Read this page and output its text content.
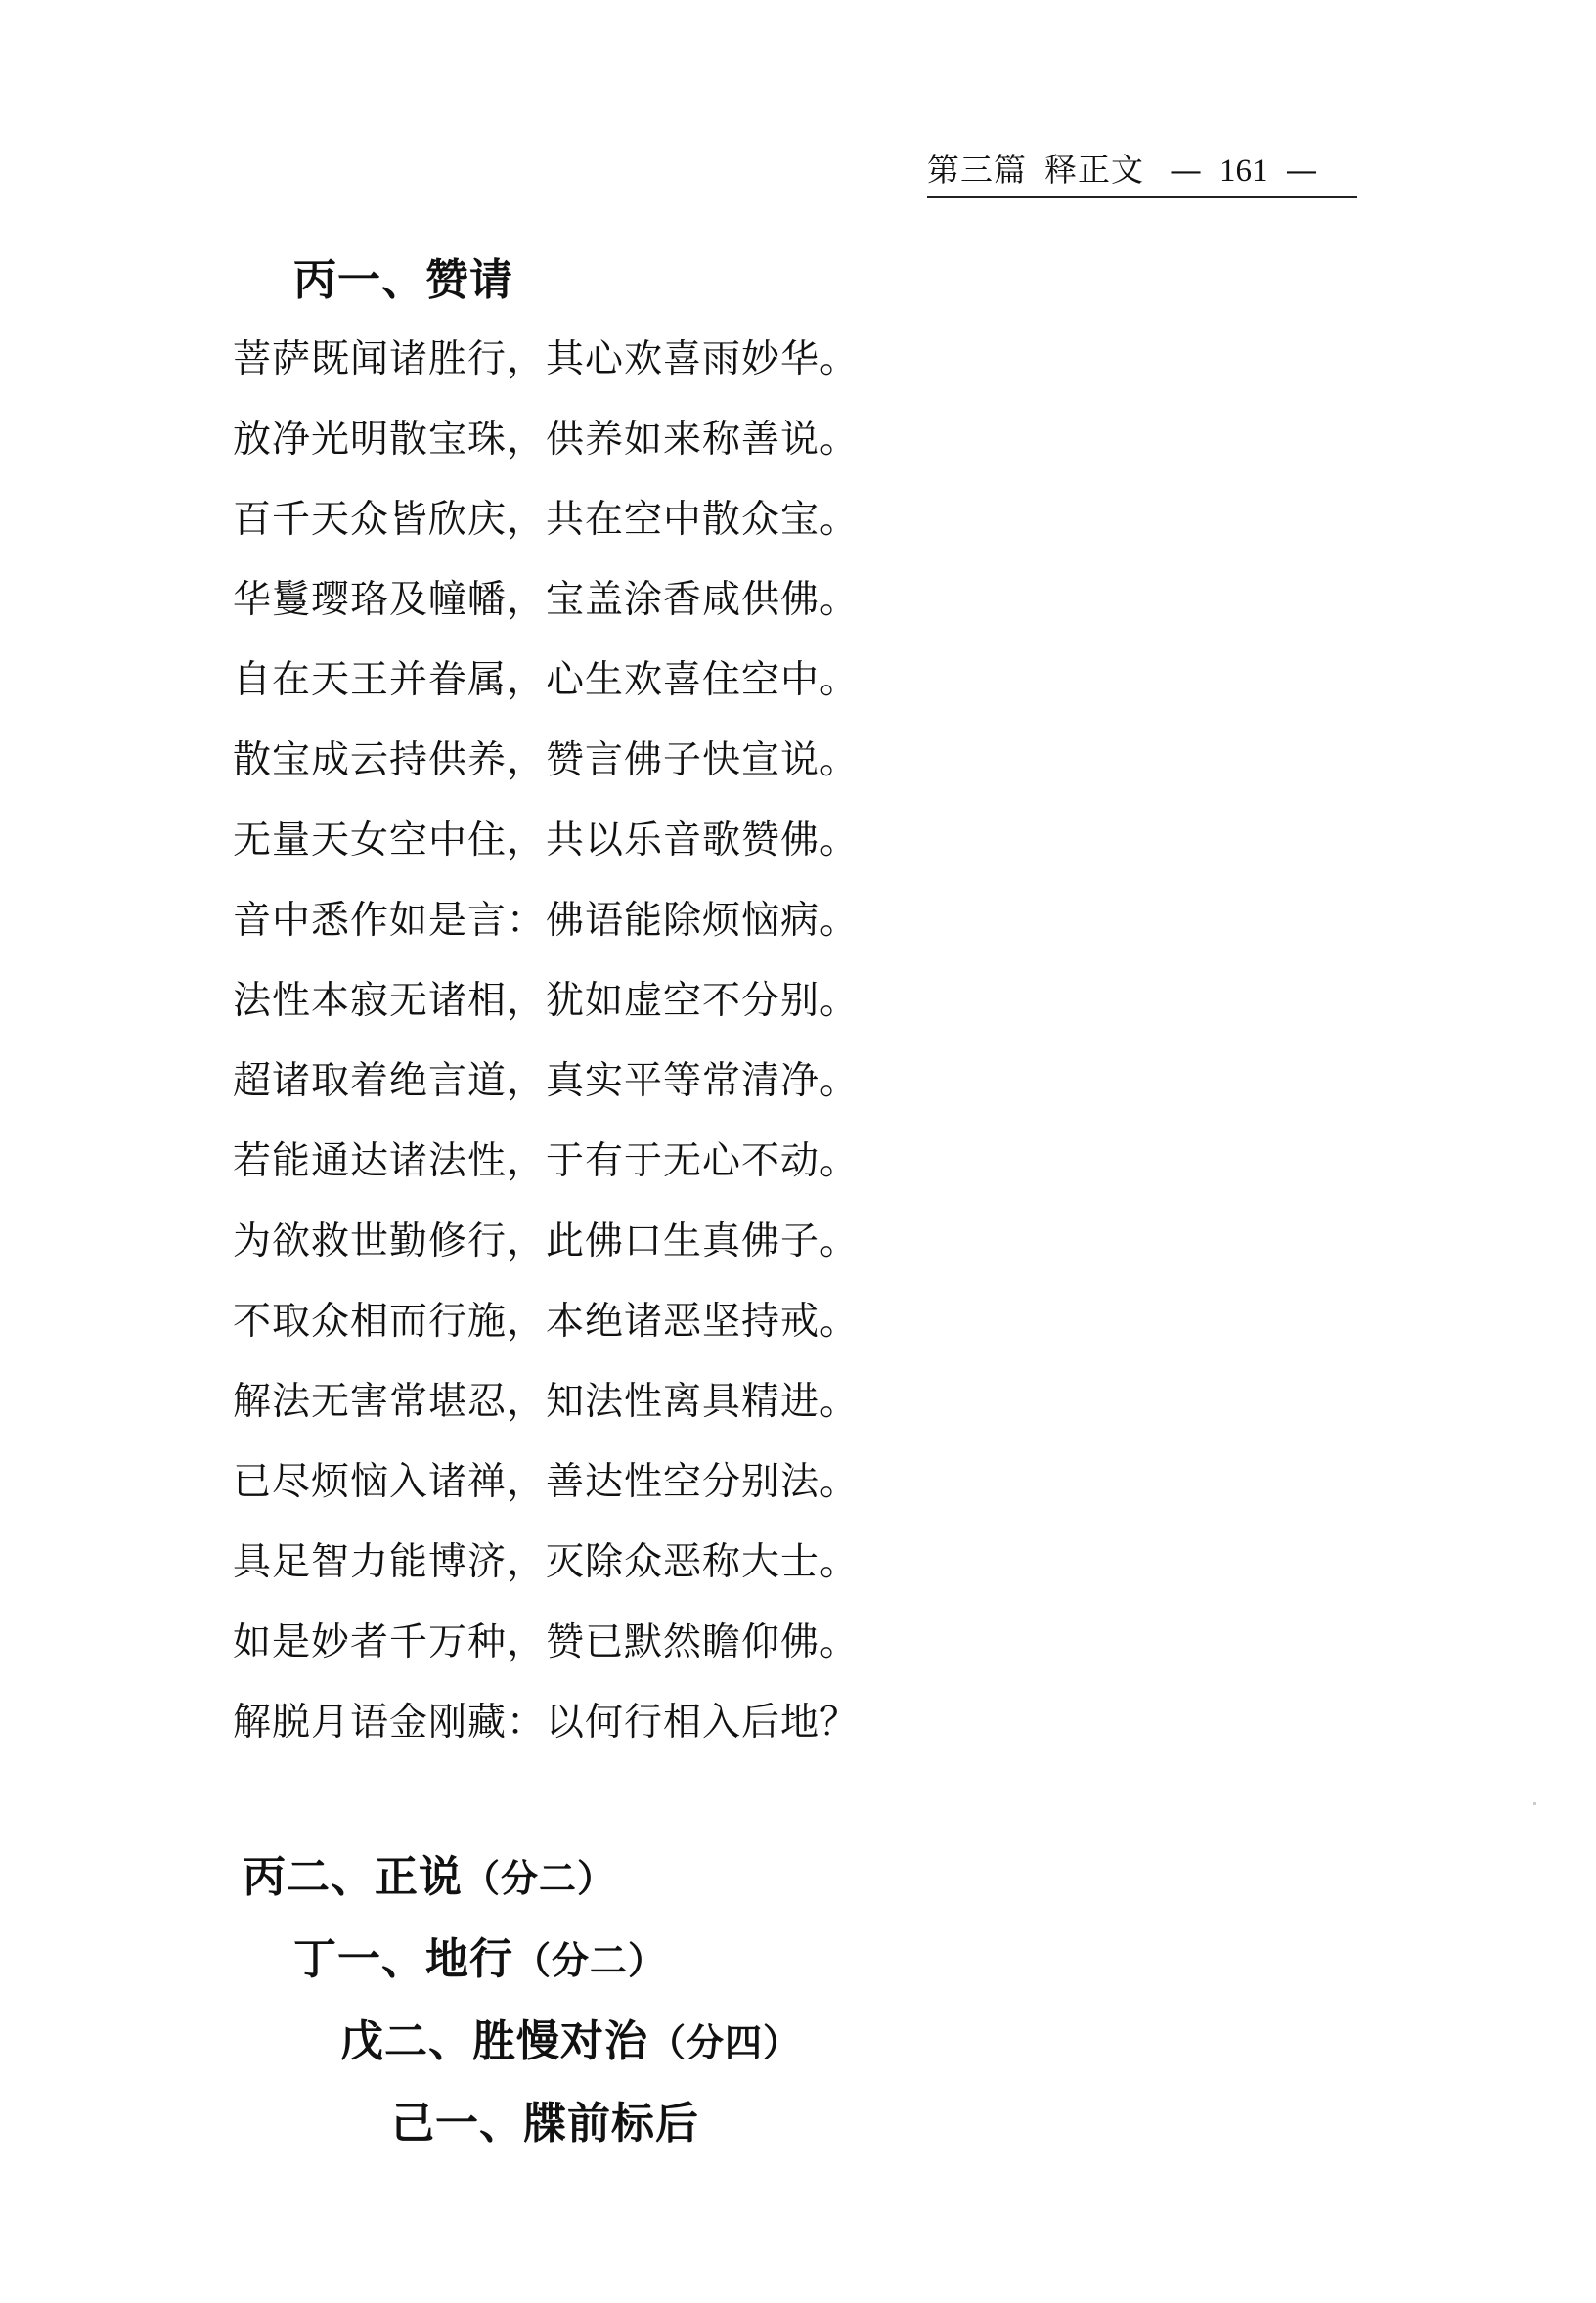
第三篇 释正文 — 161 —
丙一、赞请
菩萨既闻诸胜行，其心欢喜雨妙华。
放净光明散宝珠，供养如来称善说。
百千天众皆欣庆，共在空中散众宝。
华鬘璎珞及幢幡，宝盖涂香咸供佛。
自在天王并眷属，心生欢喜住空中。
散宝成云持供养，赞言佛子快宣说。
无量天女空中住，共以乐音歌赞佛。
音中悉作如是言：佛语能除烦恼病。
法性本寂无诸相，犹如虚空不分别。
超诸取着绝言道，真实平等常清净。
若能通达诸法性，于有于无心不动。
为欲救世勤修行，此佛口生真佛子。
不取众相而行施，本绝诸恶坚持戒。
解法无害常堪忍，知法性离具精进。
已尽烦恼入诸禅，善达性空分别法。
具足智力能博济，灭除众恶称大士。
如是妙者千万种，赞已默然瞻仰佛。
解脱月语金刚藏：以何行相入后地？
丙二、正说（分二）
丁一、地行（分二）
戊二、胜慢对治（分四）
己一、牒前标后
